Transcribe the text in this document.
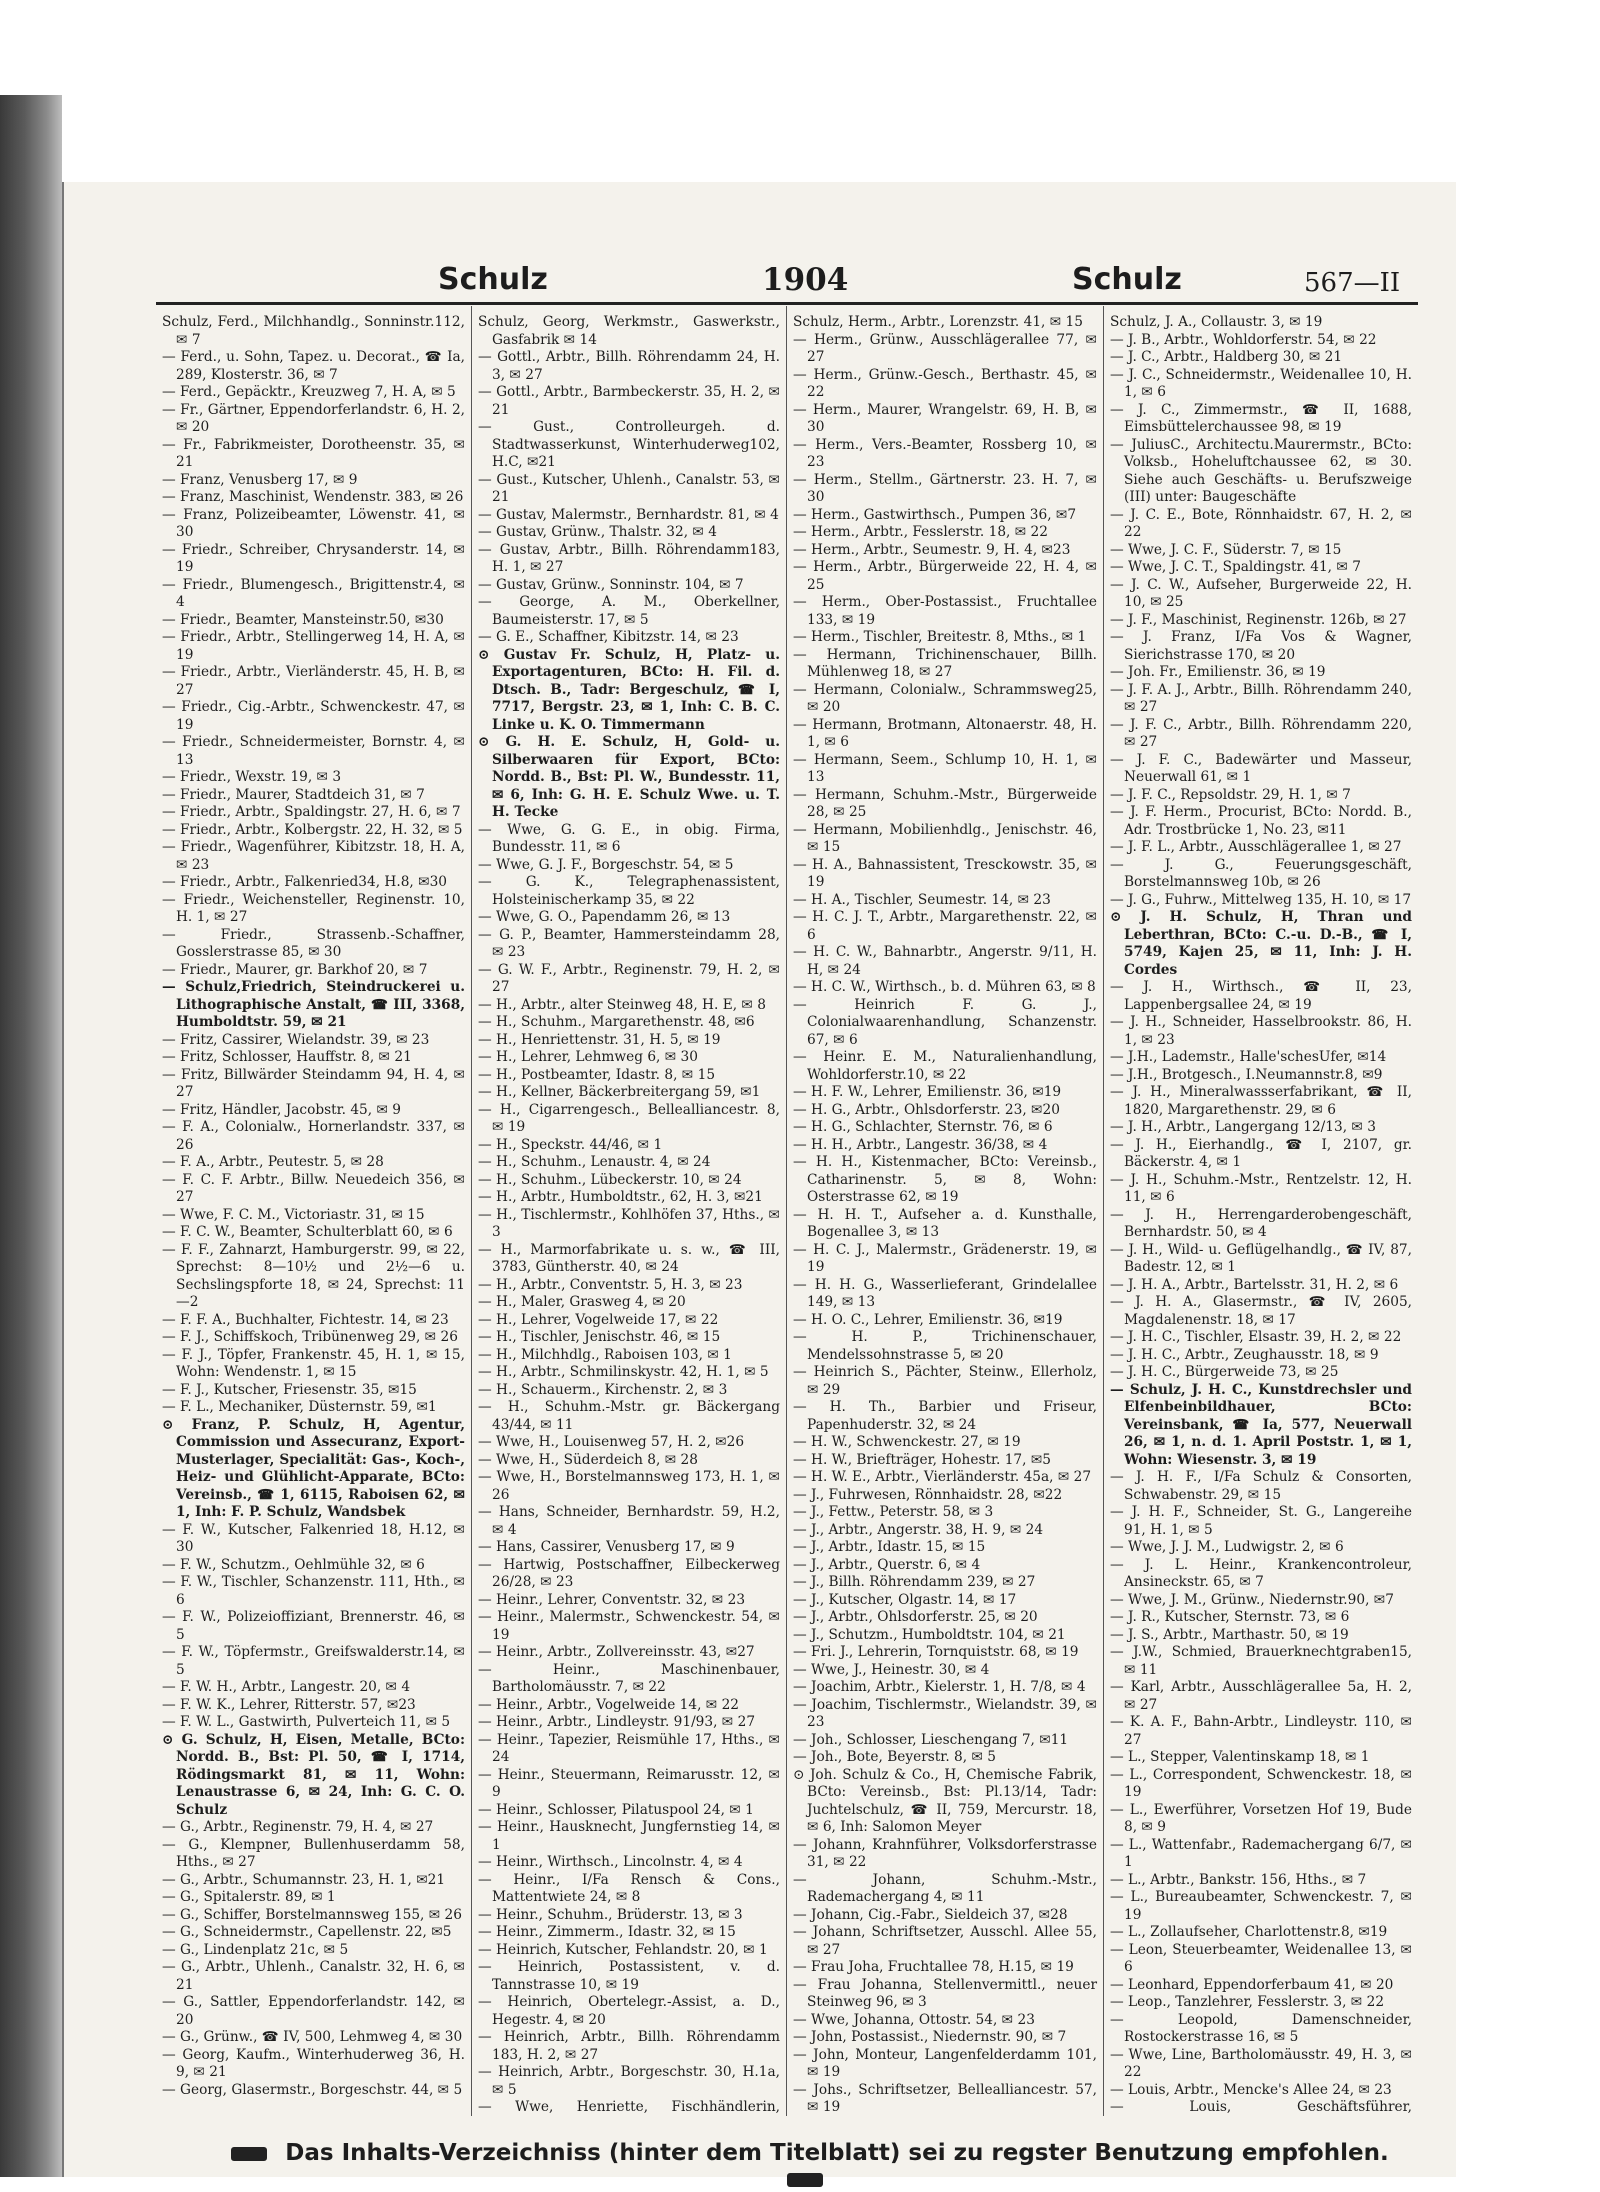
Schulz	1904	Schulz	567—II
Schulz, Ferd., Milchhandlg., Sonninstr.112, ✉ 7
— Ferd., u. Sohn, Tapez. u. Decorat., ☎ Ia, 289, Klosterstr. 36, ✉ 7
— Ferd., Gepäcktr., Kreuzweg 7, H. A, ✉ 5
— Fr., Gärtner, Eppendorferlandstr. 6, H. 2, ✉ 20
— Fr., Fabrikmeister, Dorotheenstr. 35, ✉ 21
— Franz, Venusberg 17, ✉ 9
— Franz, Maschinist, Wendenstr. 383, ✉ 26
— Franz, Polizeibeamter, Löwenstr. 41, ✉ 30
— Friedr., Schreiber, Chrysanderstr. 14, ✉ 19
— Friedr., Blumengesch., Brigittenstr.4, ✉ 4
— Friedr., Beamter, Mansteinstr.50, ✉30
— Friedr., Arbtr., Stellingerweg 14, H. A, ✉ 19
— Friedr., Arbtr., Vierländerstr. 45, H. B, ✉ 27
— Friedr., Cig.-Arbtr., Schwenckestr. 47, ✉ 19
— Friedr., Schneidermeister, Bornstr. 4, ✉ 13
— Friedr., Wexstr. 19, ✉ 3
— Friedr., Maurer, Stadtdeich 31, ✉ 7
— Friedr., Arbtr., Spaldingstr. 27, H. 6, ✉ 7
— Friedr., Arbtr., Kolbergstr. 22, H. 32, ✉ 5
— Friedr., Wagenführer, Kibitzstr. 18, H. A, ✉ 23
— Friedr., Arbtr., Falkenried34, H.8, ✉30
— Friedr., Weichensteller, Reginenstr. 10, H. 1, ✉ 27
— Friedr., Strassenb.-Schaffner, Gosslerstrasse 85, ✉ 30
— Friedr., Maurer, gr. Barkhof 20, ✉ 7
— Schulz,Friedrich, Steindruckerei u. Lithographische Anstalt, ☎ III, 3368, Humboldtstr. 59, ✉ 21
— Fritz, Cassirer, Wielandstr. 39, ✉ 23
— Fritz, Schlosser, Hauffstr. 8, ✉ 21
— Fritz, Billwärder Steindamm 94, H. 4, ✉ 27
— Fritz, Händler, Jacobstr. 45, ✉ 9
— F. A., Colonialw., Hornerlandstr. 337, ✉ 26
— F. A., Arbtr., Peutestr. 5, ✉ 28
— F. C. F. Arbtr., Billw. Neuedeich 356, ✉ 27
— Wwe, F. C. M., Victoriastr. 31, ✉ 15
— F. C. W., Beamter, Schulterblatt 60, ✉ 6
— F. F., Zahnarzt, Hamburgerstr. 99, ✉ 22, Sprechst: 8—10½ und 2½—6 u. Sechslingspforte 18, ✉ 24, Sprechst: 11—2
— F. F. A., Buchhalter, Fichtestr. 14, ✉ 23
— F. J., Schiffskoch, Tribünenweg 29, ✉ 26
— F. J., Töpfer, Frankenstr. 45, H. 1, ✉ 15, Wohn: Wendenstr. 1, ✉ 15
— F. J., Kutscher, Friesenstr. 35, ✉15
— F. L., Mechaniker, Düsternstr. 59, ✉1
⊙ Franz, P. Schulz, H, Agentur, Commission und Assecuranz, Export-Musterlager, Specialität: Gas-, Koch-, Heiz- und Glühlicht-Apparate, BCto: Vereinsb., ☎ 1, 6115, Raboisen 62, ✉ 1, Inh: F. P. Schulz, Wandsbek
— F. W., Kutscher, Falkenried 18, H.12, ✉ 30
— F. W., Schutzm., Oehlmühle 32, ✉ 6
— F. W., Tischler, Schanzenstr. 111, Hth., ✉ 6
— F. W., Polizeioffiziant, Brennerstr. 46, ✉ 5
— F. W., Töpfermstr., Greifswalderstr.14, ✉ 5
— F. W. H., Arbtr., Langestr. 20, ✉ 4
— F. W. K., Lehrer, Ritterstr. 57, ✉23
— F. W. L., Gastwirth, Pulverteich 11, ✉ 5
⊙ G. Schulz, H, Eisen, Metalle, BCto: Nordd. B., Bst: Pl. 50, ☎ I, 1714, Rödingsmarkt 81, ✉ 11, Wohn: Lenaustrasse 6, ✉ 24, Inh: G. C. O. Schulz
— G., Arbtr., Reginenstr. 79, H. 4, ✉ 27
— G., Klempner, Bullenhuserdamm 58, Hths., ✉ 27
— G., Arbtr., Schumannstr. 23, H. 1, ✉21
— G., Spitalerstr. 89, ✉ 1
— G., Schiffer, Borstelmannsweg 155, ✉ 26
— G., Schneidermstr., Capellenstr. 22, ✉5
— G., Lindenplatz 21c, ✉ 5
— G., Arbtr., Uhlenh., Canalstr. 32, H. 6, ✉ 21
— G., Sattler, Eppendorferlandstr. 142, ✉ 20
— G., Grünw., ☎ IV, 500, Lehmweg 4, ✉ 30
— Georg, Kaufm., Winterhuderweg 36, H. 9, ✉ 21
— Georg, Glasermstr., Borgeschstr. 44, ✉ 5
Schulz, Georg, Werkmstr., Gaswerkstr., Gasfabrik ✉ 14
— Gottl., Arbtr., Billh. Röhrendamm 24, H. 3, ✉ 27
— Gottl., Arbtr., Barmbeckerstr. 35, H. 2, ✉ 21
— Gust., Controlleurgeh. d. Stadtwasserkunst, Winterhuderweg102, H.C, ✉21
— Gust., Kutscher, Uhlenh., Canalstr. 53, ✉ 21
— Gustav, Malermstr., Bernhardstr. 81, ✉ 4
— Gustav, Grünw., Thalstr. 32, ✉ 4
— Gustav, Arbtr., Billh. Röhrendamm183, H. 1, ✉ 27
— Gustav, Grünw., Sonninstr. 104, ✉ 7
— George, A. M., Oberkellner, Baumeisterstr. 17, ✉ 5
— G. E., Schaffner, Kibitzstr. 14, ✉ 23
⊙ Gustav Fr. Schulz, H, Platz- u. Exportagenturen, BCto: H. Fil. d. Dtsch. B., Tadr: Bergeschulz, ☎ I, 7717, Bergstr. 23, ✉ 1, Inh: C. B. C. Linke u. K. O. Timmermann
⊙ G. H. E. Schulz, H, Gold- u. Silberwaaren für Export, BCto: Nordd. B., Bst: Pl. W., Bundesstr. 11, ✉ 6, Inh: G. H. E. Schulz Wwe. u. T. H. Tecke
— Wwe, G. G. E., in obig. Firma, Bundesstr. 11, ✉ 6
— Wwe, G. J. F., Borgeschstr. 54, ✉ 5
— G. K., Telegraphenassistent, Holsteinischerkamp 35, ✉ 22
— Wwe, G. O., Papendamm 26, ✉ 13
— G. P., Beamter, Hammersteindamm 28, ✉ 23
— G. W. F., Arbtr., Reginenstr. 79, H. 2, ✉ 27
— H., Arbtr., alter Steinweg 48, H. E, ✉ 8
— H., Schuhm., Margarethenstr. 48, ✉6
— H., Henriettenstr. 31, H. 5, ✉ 19
— H., Lehrer, Lehmweg 6, ✉ 30
— H., Postbeamter, Idastr. 8, ✉ 15
— H., Kellner, Bäckerbreitergang 59, ✉1
— H., Cigarrengesch., Bellealliancestr. 8, ✉ 19
— H., Speckstr. 44/46, ✉ 1
— H., Schuhm., Lenaustr. 4, ✉ 24
— H., Schuhm., Lübeckerstr. 10, ✉ 24
— H., Arbtr., Humboldtstr., 62, H. 3, ✉21
— H., Tischlermstr., Kohlhöfen 37, Hths., ✉ 3
— H., Marmorfabrikate u. s. w., ☎ III, 3783, Güntherstr. 40, ✉ 24
— H., Arbtr., Conventstr. 5, H. 3, ✉ 23
— H., Maler, Grasweg 4, ✉ 20
— H., Lehrer, Vogelweide 17, ✉ 22
— H., Tischler, Jenischstr. 46, ✉ 15
— H., Milchhdlg., Raboisen 103, ✉ 1
— H., Arbtr., Schmilinskystr. 42, H. 1, ✉ 5
— H., Schauerm., Kirchenstr. 2, ✉ 3
— H., Schuhm.-Mstr. gr. Bäckergang 43/44, ✉ 11
— Wwe, H., Louisenweg 57, H. 2, ✉26
— Wwe, H., Süderdeich 8, ✉ 28
— Wwe, H., Borstelmannsweg 173, H. 1, ✉ 26
— Hans, Schneider, Bernhardstr. 59, H.2, ✉ 4
— Hans, Cassirer, Venusberg 17, ✉ 9
— Hartwig, Postschaffner, Eilbeckerweg 26/28, ✉ 23
— Heinr., Lehrer, Conventstr. 32, ✉ 23
— Heinr., Malermstr., Schwenckestr. 54, ✉ 19
— Heinr., Arbtr., Zollvereinsstr. 43, ✉27
— Heinr., Maschinenbauer, Bartholomäusstr. 7, ✉ 22
— Heinr., Arbtr., Vogelweide 14, ✉ 22
— Heinr., Arbtr., Lindleystr. 91/93, ✉ 27
— Heinr., Tapezier, Reismühle 17, Hths., ✉ 24
— Heinr., Steuermann, Reimarusstr. 12, ✉ 9
— Heinr., Schlosser, Pilatuspool 24, ✉ 1
— Heinr., Hausknecht, Jungfernstieg 14, ✉ 1
— Heinr., Wirthsch., Lincolnstr. 4, ✉ 4
— Heinr., I/Fa Rensch & Cons., Mattentwiete 24, ✉ 8
— Heinr., Schuhm., Brüderstr. 13, ✉ 3
— Heinr., Zimmerm., Idastr. 32, ✉ 15
— Heinrich, Kutscher, Fehlandstr. 20, ✉ 1
— Heinrich, Postassistent, v. d. Tannstrasse 10, ✉ 19
— Heinrich, Obertelegr.-Assist, a. D., Hegestr. 4, ✉ 20
— Heinrich, Arbtr., Billh. Röhrendamm 183, H. 2, ✉ 27
— Heinrich, Arbtr., Borgeschstr. 30, H.1a, ✉ 5
— Wwe, Henriette, Fischhändlerin,
Schulz, Herm., Arbtr., Lorenzstr. 41, ✉ 15
— Herm., Grünw., Ausschlägerallee 77, ✉ 27
— Herm., Grünw.-Gesch., Berthastr. 45, ✉ 22
— Herm., Maurer, Wrangelstr. 69, H. B, ✉ 30
— Herm., Vers.-Beamter, Rossberg 10, ✉ 23
— Herm., Stellm., Gärtnerstr. 23. H. 7, ✉ 30
— Herm., Gastwirthsch., Pumpen 36, ✉7
— Herm., Arbtr., Fesslerstr. 18, ✉ 22
— Herm., Arbtr., Seumestr. 9, H. 4, ✉23
— Herm., Arbtr., Bürgerweide 22, H. 4, ✉ 25
— Herm., Ober-Postassist., Fruchtallee 133, ✉ 19
— Herm., Tischler, Breitestr. 8, Mths., ✉ 1
— Hermann, Trichinenschauer, Billh. Mühlenweg 18, ✉ 27
— Hermann, Colonialw., Schrammsweg25, ✉ 20
— Hermann, Brotmann, Altonaerstr. 48, H. 1, ✉ 6
— Hermann, Seem., Schlump 10, H. 1, ✉ 13
— Hermann, Schuhm.-Mstr., Bürgerweide 28, ✉ 25
— Hermann, Mobilienhdlg., Jenischstr. 46, ✉ 15
— H. A., Bahnassistent, Tresckowstr. 35, ✉ 19
— H. A., Tischler, Seumestr. 14, ✉ 23
— H. C. J. T., Arbtr., Margarethenstr. 22, ✉ 6
— H. C. W., Bahnarbtr., Angerstr. 9/11, H. H, ✉ 24
— H. C. W., Wirthsch., b. d. Mühren 63, ✉ 8
— Heinrich F. G. J., Colonialwaarenhandlung, Schanzenstr. 67, ✉ 6
— Heinr. E. M., Naturalienhandlung, Wohldorferstr.10, ✉ 22
— H. F. W., Lehrer, Emilienstr. 36, ✉19
— H. G., Arbtr., Ohlsdorferstr. 23, ✉20
— H. G., Schlachter, Sternstr. 76, ✉ 6
— H. H., Arbtr., Langestr. 36/38, ✉ 4
— H. H., Kistenmacher, BCto: Vereinsb., Catharinenstr. 5, ✉ 8, Wohn: Osterstrasse 62, ✉ 19
— H. H. T., Aufseher a. d. Kunsthalle, Bogenallee 3, ✉ 13
— H. C. J., Malermstr., Grädenerstr. 19, ✉ 19
— H. H. G., Wasserlieferant, Grindelallee 149, ✉ 13
— H. O. C., Lehrer, Emilienstr. 36, ✉19
— H. P., Trichinenschauer, Mendelssohnstrasse 5, ✉ 20
— Heinrich S., Pächter, Steinw., Ellerholz, ✉ 29
— H. Th., Barbier und Friseur, Papenhuderstr. 32, ✉ 24
— H. W., Schwenckestr. 27, ✉ 19
— H. W., Briefträger, Hohestr. 17, ✉5
— H. W. E., Arbtr., Vierländerstr. 45a, ✉ 27
— J., Fuhrwesen, Rönnhaidstr. 28, ✉22
— J., Fettw., Peterstr. 58, ✉ 3
— J., Arbtr., Angerstr. 38, H. 9, ✉ 24
— J., Arbtr., Idastr. 15, ✉ 15
— J., Arbtr., Querstr. 6, ✉ 4
— J., Billh. Röhrendamm 239, ✉ 27
— J., Kutscher, Olgastr. 14, ✉ 17
— J., Arbtr., Ohlsdorferstr. 25, ✉ 20
— J., Schutzm., Humboldtstr. 104, ✉ 21
— Fri. J., Lehrerin, Tornquiststr. 68, ✉ 19
— Wwe, J., Heinestr. 30, ✉ 4
— Joachim, Arbtr., Kielerstr. 1, H. 7/8, ✉ 4
— Joachim, Tischlermstr., Wielandstr. 39, ✉ 23
— Joh., Schlosser, Lieschengang 7, ✉11
— Joh., Bote, Beyerstr. 8, ✉ 5
⊙ Joh. Schulz & Co., H, Chemische Fabrik, BCto: Vereinsb., Bst: Pl.13/14, Tadr: Juchtelschulz, ☎ II, 759, Mercurstr. 18, ✉ 6, Inh: Salomon Meyer
— Johann, Krahnführer, Volksdorferstrasse 31, ✉ 22
— Johann, Schuhm.-Mstr., Rademachergang 4, ✉ 11
— Johann, Cig.-Fabr., Sieldeich 37, ✉28
— Johann, Schriftsetzer, Ausschl. Allee 55, ✉ 27
— Frau Joha, Fruchtallee 78, H.15, ✉ 19
— Frau Johanna, Stellenvermittl., neuer Steinweg 96, ✉ 3
— Wwe, Johanna, Ottostr. 54, ✉ 23
— John, Postassist., Niedernstr. 90, ✉ 7
— John, Monteur, Langenfelderdamm 101, ✉ 19
— Johs., Schriftsetzer, Bellealliancestr. 57, ✉ 19
Schulz, J. A., Collaustr. 3, ✉ 19
— J. B., Arbtr., Wohldorferstr. 54, ✉ 22
— J. C., Arbtr., Haldberg 30, ✉ 21
— J. C., Schneidermstr., Weidenallee 10, H. 1, ✉ 6
— J. C., Zimmermstr., ☎ II, 1688, Eimsbüttelerchaussee 98, ✉ 19
— JuliusC., Architectu.Maurermstr., BCto: Volksb., Hoheluftchaussee 62, ✉ 30. Siehe auch Geschäfts- u. Berufszweige (III) unter: Baugeschäfte
— J. C. E., Bote, Rönnhaidstr. 67, H. 2, ✉ 22
— Wwe, J. C. F., Süderstr. 7, ✉ 15
— Wwe, J. C. T., Spaldingstr. 41, ✉ 7
— J. C. W., Aufseher, Burgerweide 22, H. 10, ✉ 25
— J. F., Maschinist, Reginenstr. 126b, ✉ 27
— J. Franz, I/Fa Vos & Wagner, Sierichstrasse 170, ✉ 20
— Joh. Fr., Emilienstr. 36, ✉ 19
— J. F. A. J., Arbtr., Billh. Röhrendamm 240, ✉ 27
— J. F. C., Arbtr., Billh. Röhrendamm 220, ✉ 27
— J. F. C., Badewärter und Masseur, Neuerwall 61, ✉ 1
— J. F. C., Repsoldstr. 29, H. 1, ✉ 7
— J. F. Herm., Procurist, BCto: Nordd. B., Adr. Trostbrücke 1, No. 23, ✉11
— J. F. L., Arbtr., Ausschlägerallee 1, ✉ 27
— J. G., Feuerungsgeschäft, Borstelmannsweg 10b, ✉ 26
— J. G., Fuhrw., Mittelweg 135, H. 10, ✉ 17
⊙ J. H. Schulz, H, Thran und Leberthran, BCto: C.-u. D.-B., ☎ I, 5749, Kajen 25, ✉ 11, Inh: J. H. Cordes
— J. H., Wirthsch., ☎ II, 23, Lappenbergsallee 24, ✉ 19
— J. H., Schneider, Hasselbrookstr. 86, H. 1, ✉ 23
— J.H., Lademstr., Halle'schesUfer, ✉14
— J.H., Brotgesch., I.Neumannstr.8, ✉9
— J. H., Mineralwassserfabrikant, ☎ II, 1820, Margarethenstr. 29, ✉ 6
— J. H., Arbtr., Langergang 12/13, ✉ 3
— J. H., Eierhandlg., ☎ I, 2107, gr. Bäckerstr. 4, ✉ 1
— J. H., Schuhm.-Mstr., Rentzelstr. 12, H. 11, ✉ 6
— J. H., Herrengarderobengeschäft, Bernhardstr. 50, ✉ 4
— J. H., Wild- u. Geflügelhandlg., ☎ IV, 87, Badestr. 12, ✉ 1
— J. H. A., Arbtr., Bartelsstr. 31, H. 2, ✉ 6
— J. H. A., Glasermstr., ☎ IV, 2605, Magdalenenstr. 18, ✉ 17
— J. H. C., Tischler, Elsastr. 39, H. 2, ✉ 22
— J. H. C., Arbtr., Zeughausstr. 18, ✉ 9
— J. H. C., Bürgerweide 73, ✉ 25
— Schulz, J. H. C., Kunstdrechsler und Elfenbeinbildhauer, BCto: Vereinsbank, ☎ Ia, 577, Neuerwall 26, ✉ 1, n. d. 1. April Poststr. 1, ✉ 1, Wohn: Wiesenstr. 3, ✉ 19
— J. H. F., I/Fa Schulz & Consorten, Schwabenstr. 29, ✉ 15
— J. H. F., Schneider, St. G., Langereihe 91, H. 1, ✉ 5
— Wwe, J. J. M., Ludwigstr. 2, ✉ 6
— J. L. Heinr., Krankencontroleur, Ansineckstr. 65, ✉ 7
— Wwe, J. M., Grünw., Niedernstr.90, ✉7
— J. R., Kutscher, Sternstr. 73, ✉ 6
— J. S., Arbtr., Marthastr. 50, ✉ 19
— J.W., Schmied, Brauerknechtgraben15, ✉ 11
— Karl, Arbtr., Ausschlägerallee 5a, H. 2, ✉ 27
— K. A. F., Bahn-Arbtr., Lindleystr. 110, ✉ 27
— L., Stepper, Valentinskamp 18, ✉ 1
— L., Correspondent, Schwenckestr. 18, ✉ 19
— L., Ewerführer, Vorsetzen Hof 19, Bude 8, ✉ 9
— L., Wattenfabr., Rademachergang 6/7, ✉ 1
— L., Arbtr., Bankstr. 156, Hths., ✉ 7
— L., Bureaubeamter, Schwenckestr. 7, ✉ 19
— L., Zollaufseher, Charlottenstr.8, ✉19
— Leon, Steuerbeamter, Weidenallee 13, ✉ 6
— Leonhard, Eppendorferbaum 41, ✉ 20
— Leop., Tanzlehrer, Fesslerstr. 3, ✉ 22
— Leopold, Damenschneider, Rostockerstrasse 16, ✉ 5
— Wwe, Line, Bartholomäusstr. 49, H. 3, ✉ 22
— Louis, Arbtr., Mencke's Allee 24, ✉ 23
— Louis, Geschäftsführer,
Das Inhalts-Verzeichniss (hinter dem Titelblatt) sei zu regster Benutzung empfohlen.
